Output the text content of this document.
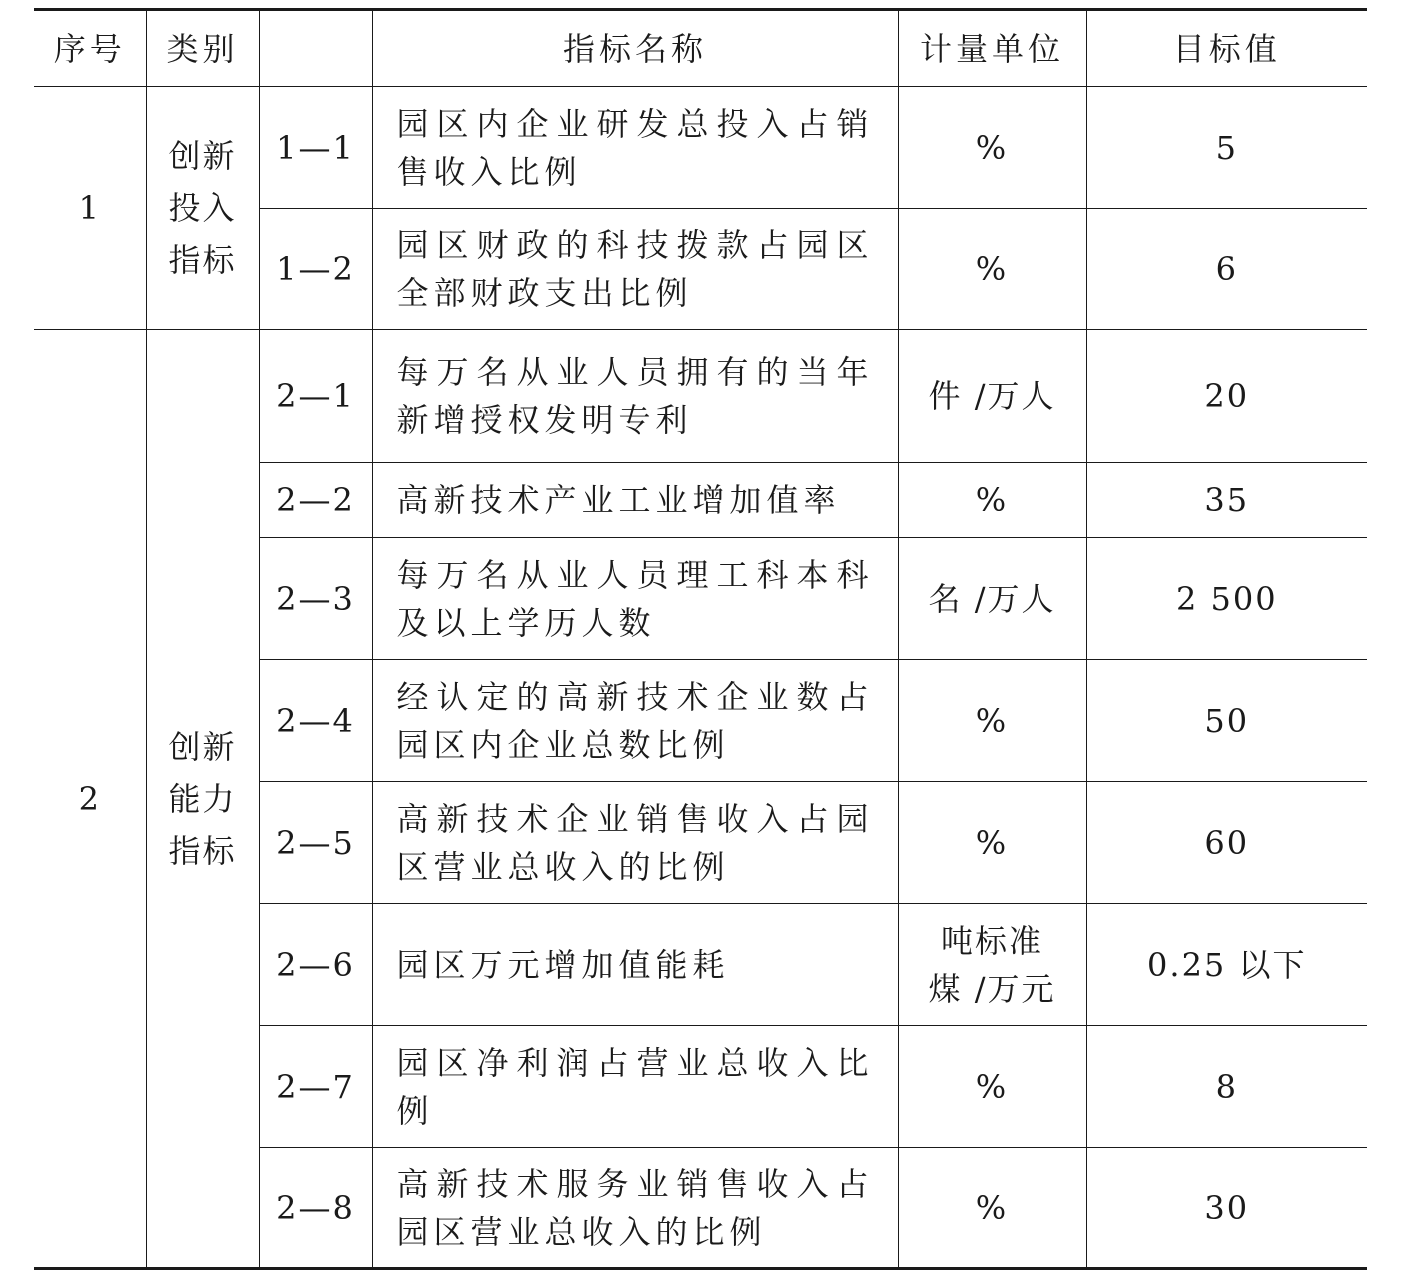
序号	类别		指标名称	计量单位	目标值
1	创新投入指标	1—1	园区内企业研发总投入占销售收入比例	%	5
		1—2	园区财政的科技拨款占园区全部财政支出比例	%	6
2	创新能力指标	2—1	每万名从业人员拥有的当年新增授权发明专利	件 /万人	20
		2—2	高新技术产业工业增加值率	%	35
		2—3	每万名从业人员理工科本科及以上学历人数	名 /万人	2 500
		2—4	经认定的高新技术企业数占园区内企业总数比例	%	50
		2—5	高新技术企业销售收入占园区营业总收入的比例	%	60
		2—6	园区万元增加值能耗	吨标准煤 /万元	0.25 以下
		2—7	园区净利润占营业总收入比例	%	8
		2—8	高新技术服务业销售收入占园区营业总收入的比例	%	30
